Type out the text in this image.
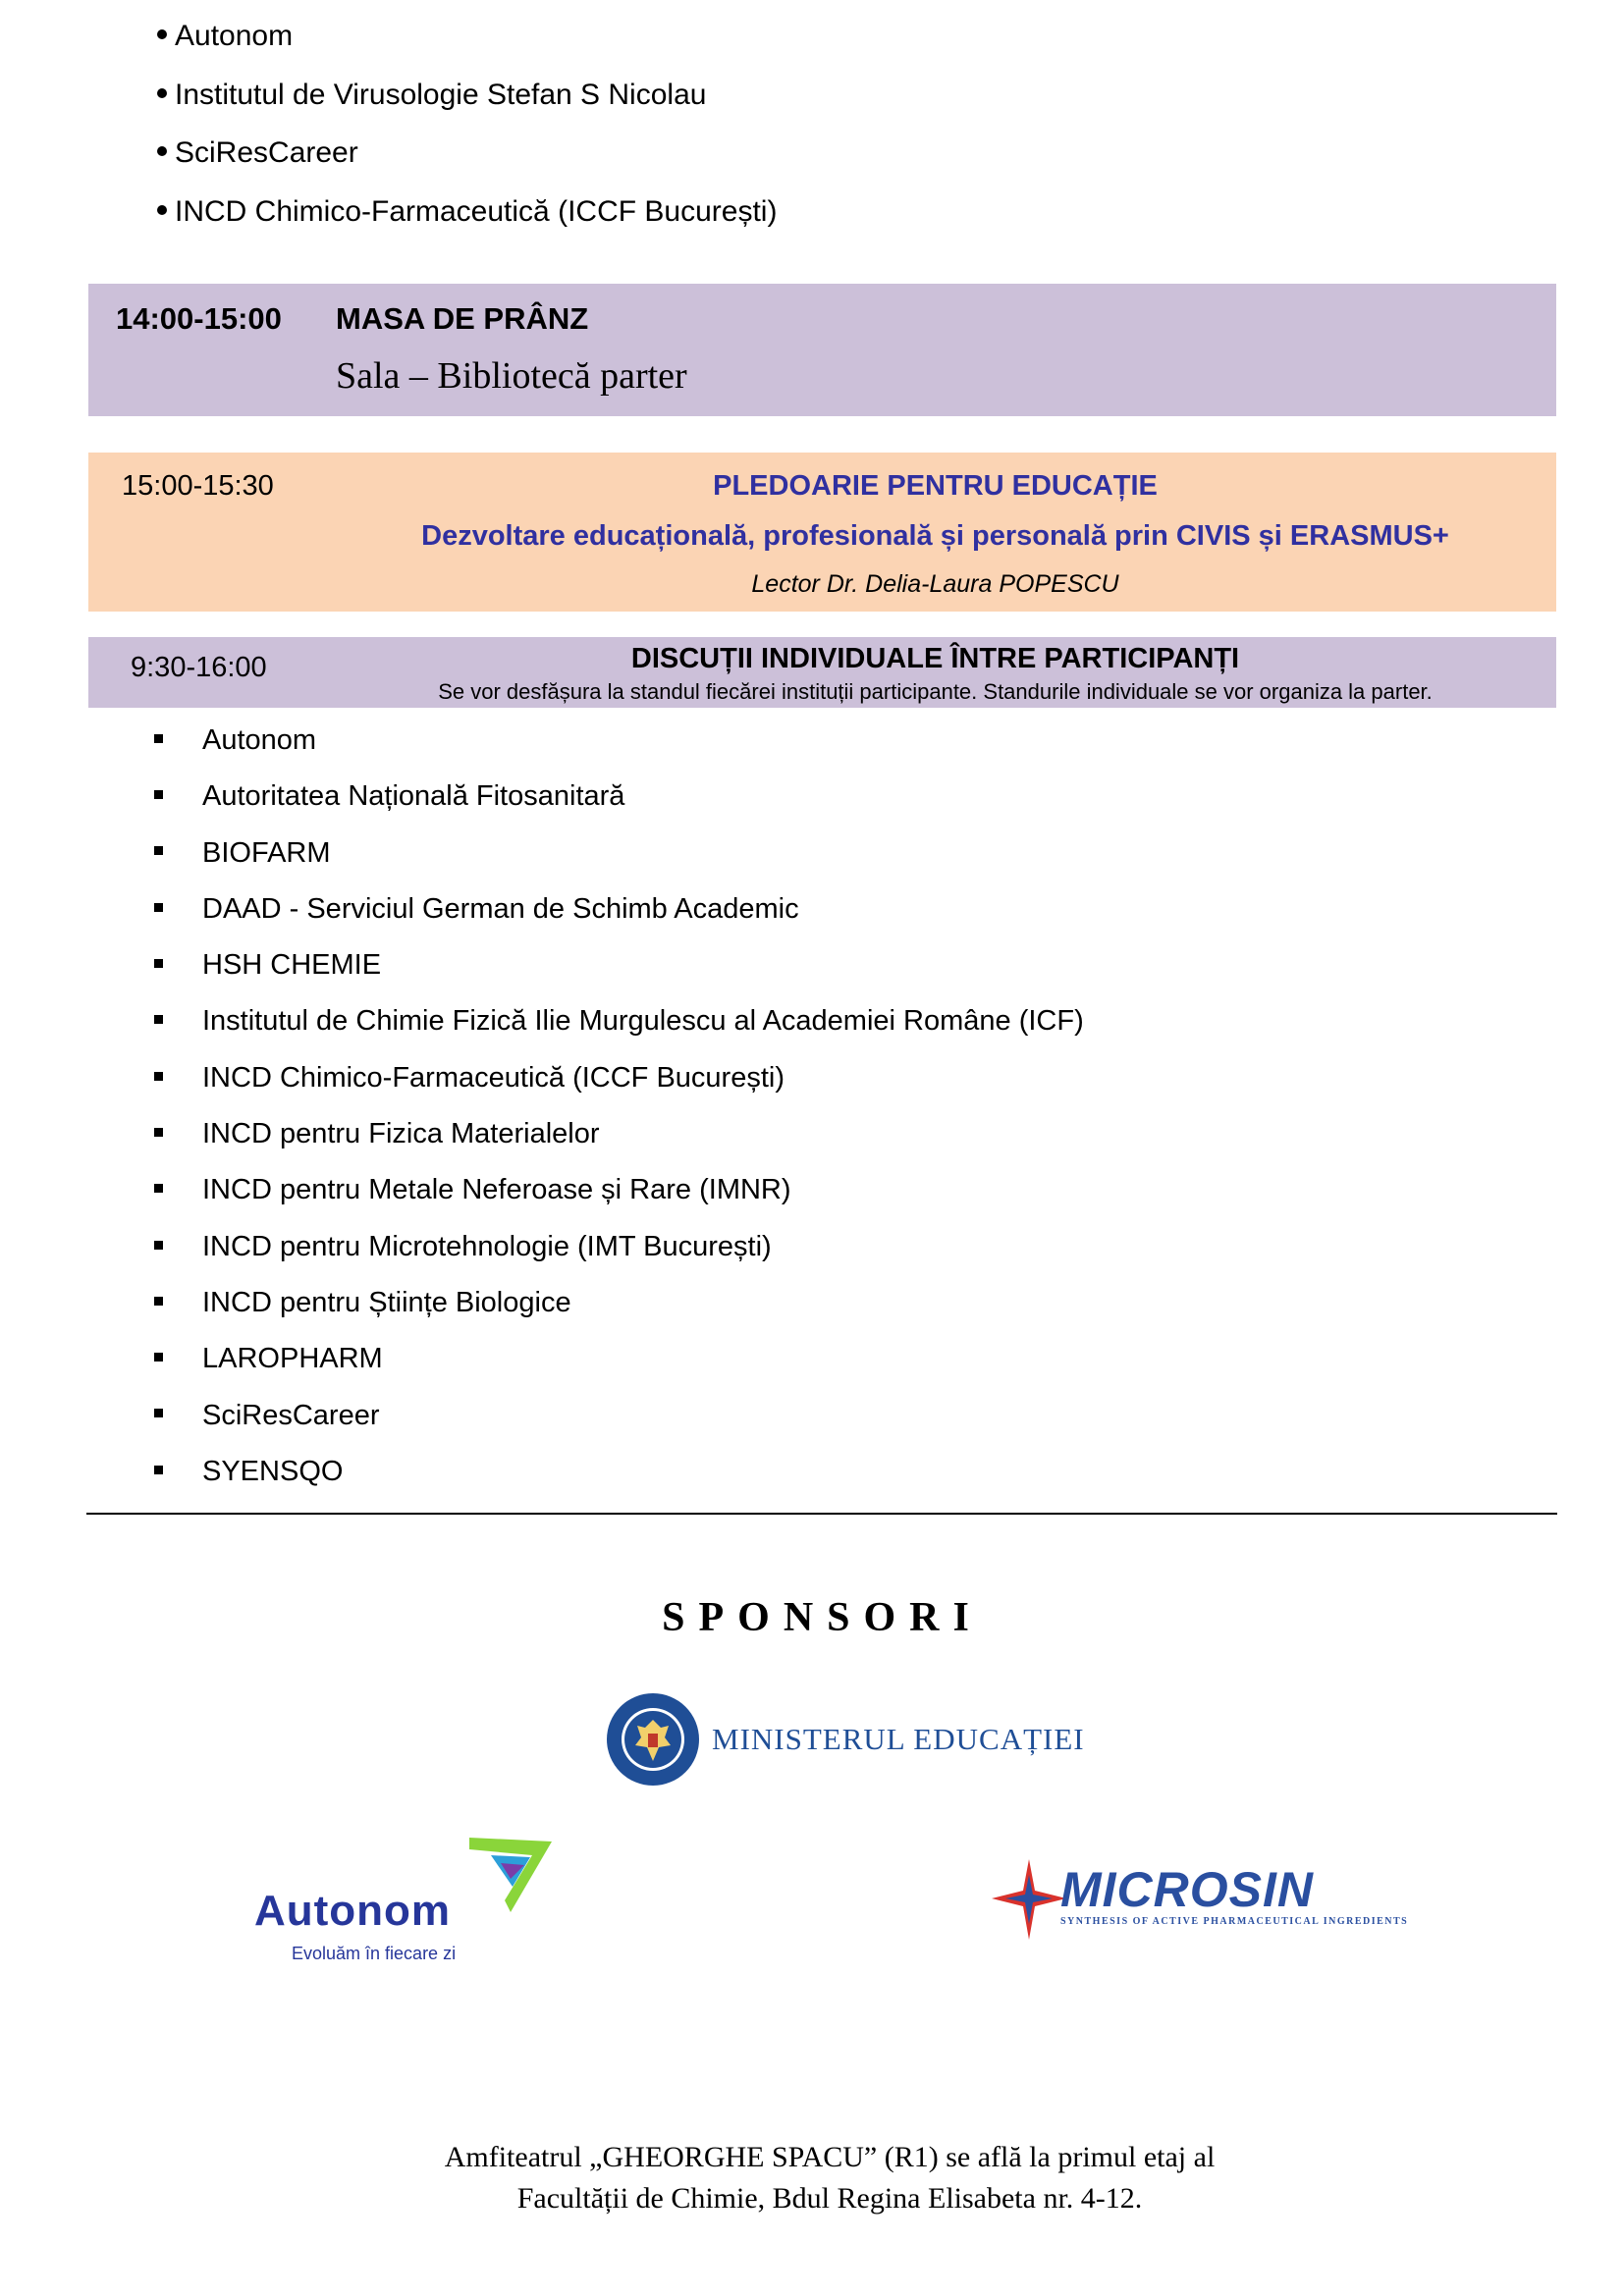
Autonom
Institutul de Virusologie Stefan S Nicolau
SciResCareer
INCD Chimico-Farmaceutică (ICCF București)
14:00-15:00 MASA DE PRÂNZ
Sala – Bibliotecă parter
15:00-15:30	PLEDOARIE PENTRU EDUCAȚIE
Dezvoltare educațională, profesională și personală prin CIVIS și ERASMUS+
Lector Dr. Delia-Laura POPESCU
9:30-16:00	DISCUȚII INDIVIDUALE ÎNTRE PARTICIPANȚI
Se vor desfășura la standul fiecărei instituții participante. Standurile individuale se vor organiza la parter.
Autonom
Autoritatea Națională Fitosanitară
BIOFARM
DAAD - Serviciul German de Schimb Academic
HSH CHEMIE
Institutul de Chimie Fizică Ilie Murgulescu al Academiei Române (ICF)
INCD Chimico-Farmaceutică (ICCF București)
INCD pentru Fizica Materialelor
INCD pentru Metale Neferoase și Rare (IMNR)
INCD pentru Microtehnologie (IMT București)
INCD pentru Științe Biologice
LAROPHARM
SciResCareer
SYENSQO
SPONSORI
MINISTERUL EDUCAȚIEI
Autonom
Evoluăm în fiecare zi
MICROSIN
SYNTHESIS OF ACTIVE PHARMACEUTICAL INGREDIENTS
Amfiteatrul „GHEORGHE SPACU” (R1) se află la primul etaj al
Facultății de Chimie, Bdul Regina Elisabeta nr. 4-12.
